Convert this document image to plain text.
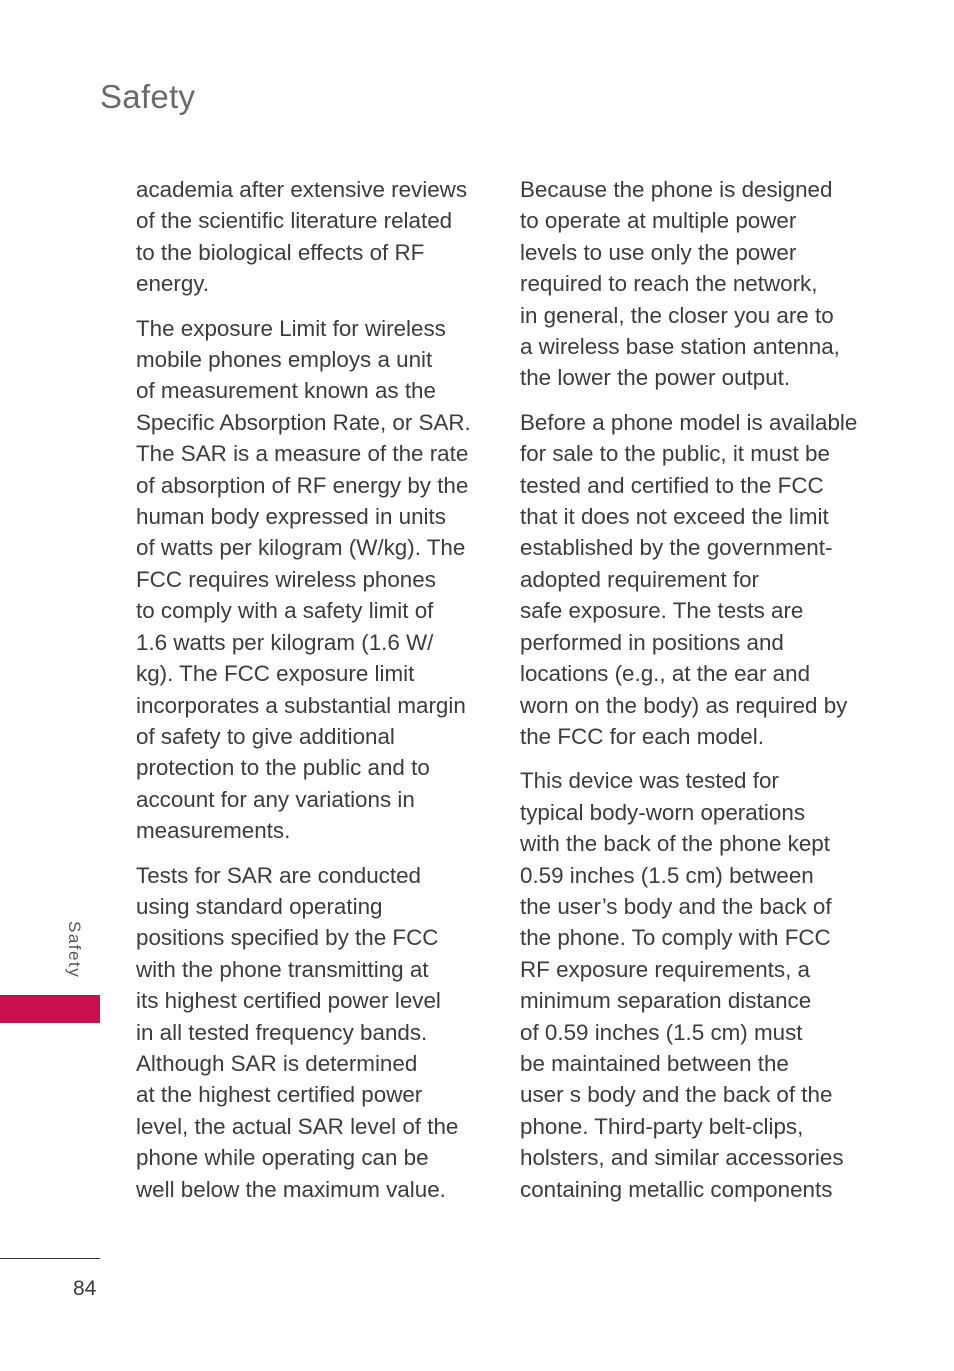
Safety

academia after extensive reviews
of the scientific literature related
to the biological effects of RF
energy.

The exposure Limit for wireless
mobile phones employs a unit
of measurement known as the
Specific Absorption Rate, or SAR.
The SAR is a measure of the rate
of absorption of RF energy by the
human body expressed in units
of watts per kilogram (W/kg). The
FCC requires wireless phones
to comply with a safety limit of
1.6 watts per kilogram (1.6 W/
kg). The FCC exposure limit
incorporates a substantial margin
of safety to give additional
protection to the public and to
account for any variations in
measurements.

Tests for SAR are conducted
using standard operating
positions specified by the FCC
with the phone transmitting at
its highest certified power level
in all tested frequency bands.
Although SAR is determined
at the highest certified power
level, the actual SAR level of the
phone while operating can be
well below the maximum value.

Because the phone is designed
to operate at multiple power
levels to use only the power
required to reach the network,
in general, the closer you are to
a wireless base station antenna,
the lower the power output.

Before a phone model is available
for sale to the public, it must be
tested and certified to the FCC
that it does not exceed the limit
established by the government-
adopted requirement for
safe exposure. The tests are
performed in positions and
locations (e.g., at the ear and
worn on the body) as required by
the FCC for each model.

This device was tested for
typical body-worn operations
with the back of the phone kept
0.59 inches (1.5 cm) between
the user’s body and the back of
the phone. To comply with FCC
RF exposure requirements, a
minimum separation distance
of 0.59 inches (1.5 cm) must
be maintained between the
user s body and the back of the
phone. Third-party belt-clips,
holsters, and similar accessories
containing metallic components

Safety
84
